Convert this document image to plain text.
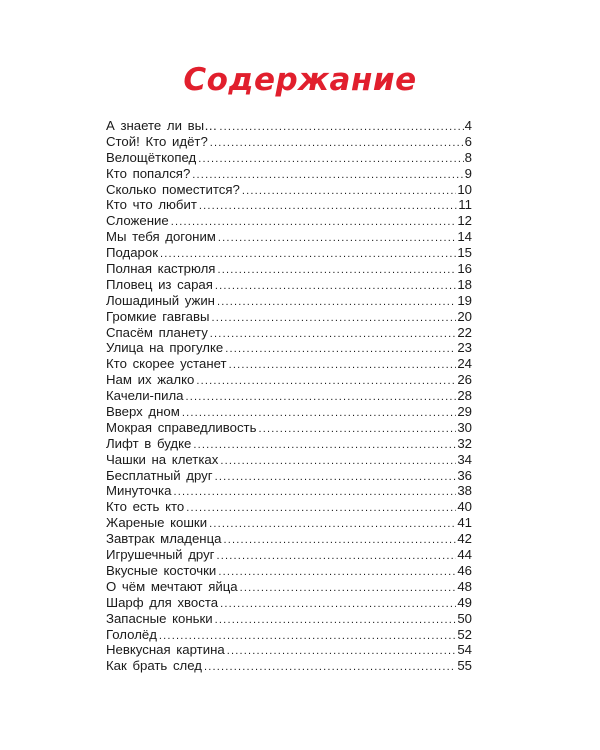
Содержание
А знаете ли вы… .....	4
Стой! Кто идёт? .....	6
Велощёткопед .....	8
Кто попался? .....	9
Сколько поместится? .....	10
Кто что любит .....	11
Сложение .....	12
Мы тебя догоним .....	14
Подарок .....	15
Полная кастрюля .....	16
Пловец из сарая .....	18
Лошадиный ужин .....	19
Громкие гавгавы .....	20
Спасём планету .....	22
Улица на прогулке .....	23
Кто скорее устанет .....	24
Нам их жалко .....	26
Качели-пила .....	28
Вверх дном .....	29
Мокрая справедливость .....	30
Лифт в будке .....	32
Чашки на клетках .....	34
Бесплатный друг .....	36
Минуточка .....	38
Кто есть кто .....	40
Жареные кошки .....	41
Завтрак младенца .....	42
Игрушечный друг .....	44
Вкусные косточки .....	46
О чём мечтают яйца .....	48
Шарф для хвоста .....	49
Запасные коньки .....	50
Гололёд .....	52
Невкусная картина .....	54
Как брать след .....	55
